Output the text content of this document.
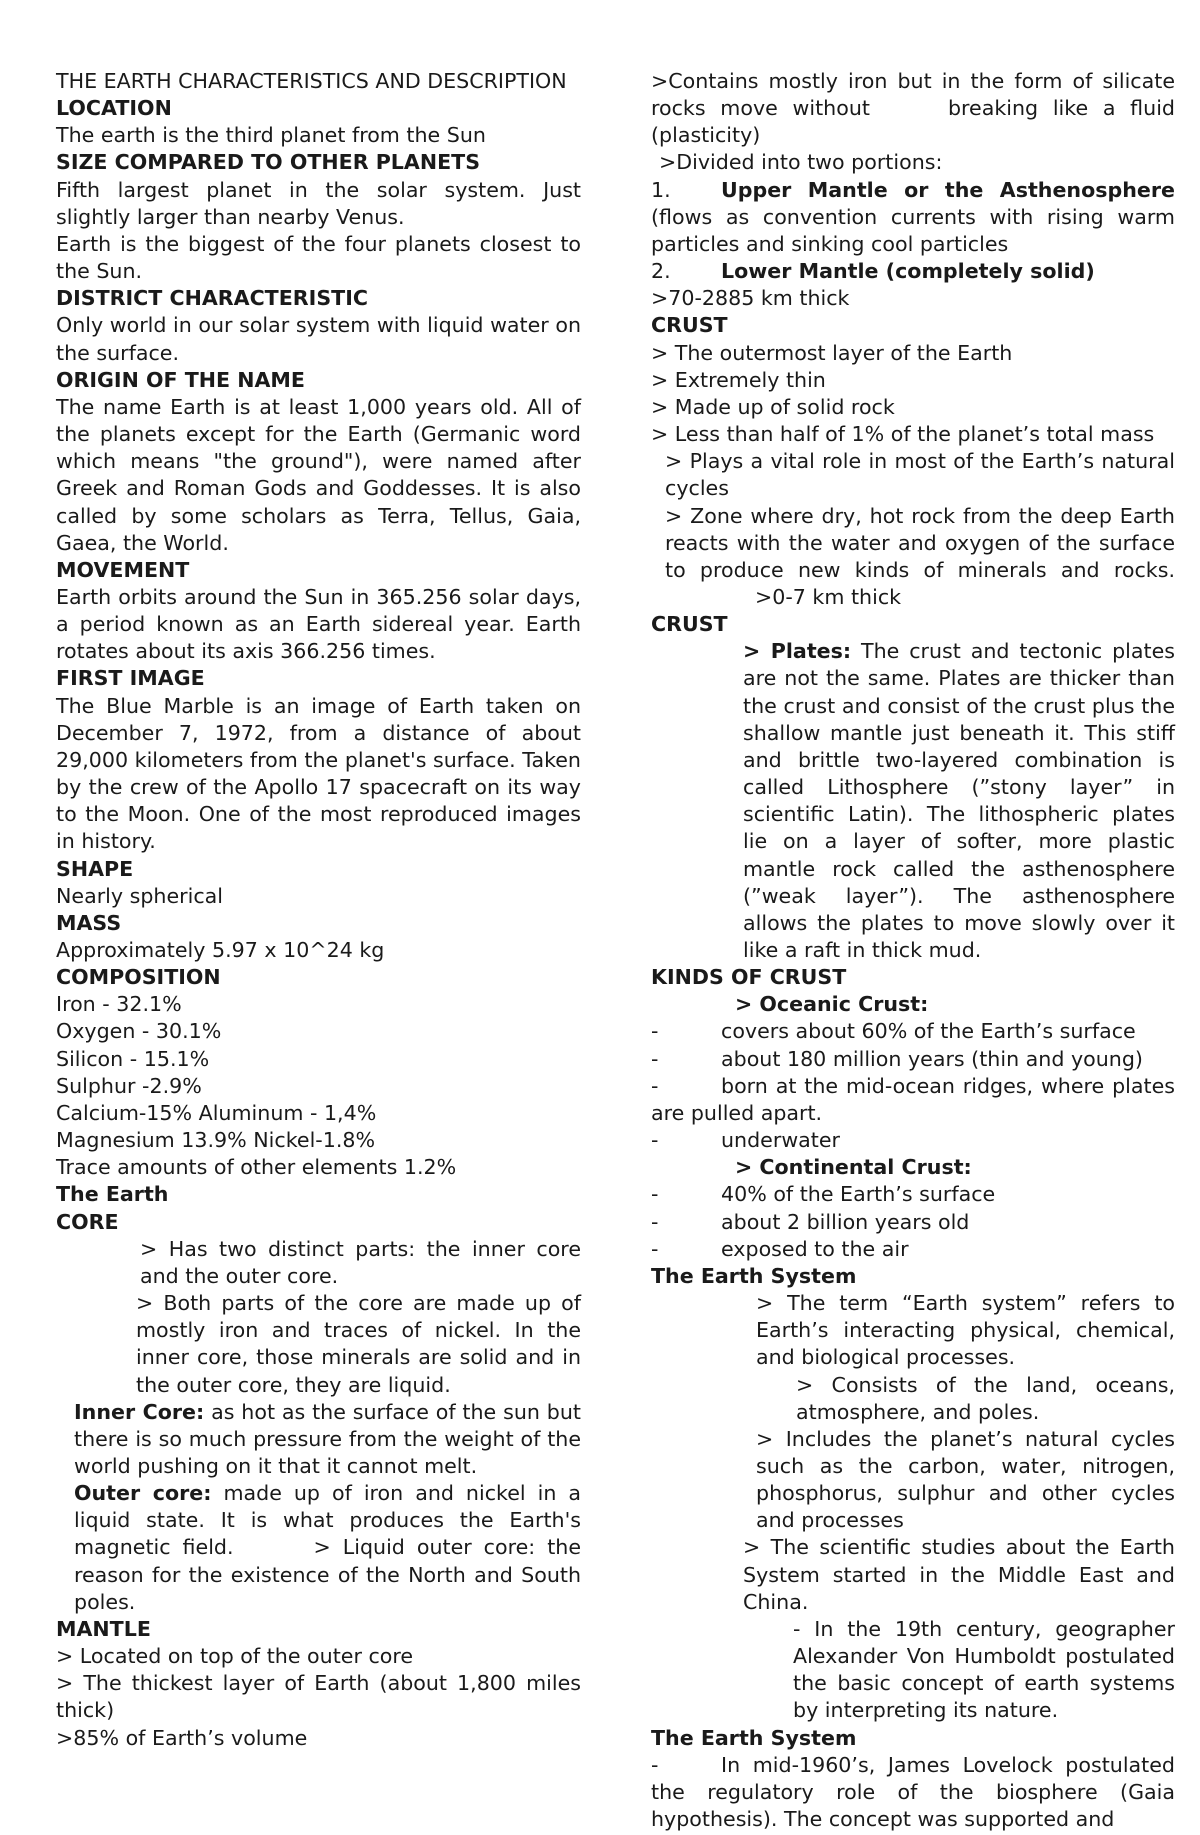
THE EARTH CHARACTERISTICS AND DESCRIPTION

LOCATION

The earth is the third planet from the Sun

SIZE COMPARED TO OTHER PLANETS

Fifth largest planet in the solar system. Just slightly larger than nearby Venus.

Earth is the biggest of the four planets closest to the Sun.

DISTRICT CHARACTERISTIC

Only world in our solar system with liquid water on the surface.

ORIGIN OF THE NAME

The name Earth is at least 1,000 years old. All of the planets except for the Earth (Germanic word which means "the ground"), were named after Greek and Roman Gods and Goddesses. It is also called by some scholars as Terra, Tellus, Gaia, Gaea, the World.

MOVEMENT

Earth orbits around the Sun in 365.256 solar days, a period known as an Earth sidereal year. Earth rotates about its axis 366.256 times.

FIRST IMAGE

The Blue Marble is an image of Earth taken on December 7, 1972, from a distance of about 29,000 kilometers from the planet's surface. Taken by the crew of the Apollo 17 spacecraft on its way to the Moon. One of the most reproduced images in history.

SHAPE

Nearly spherical

MASS

Approximately 5.97 x 10^24 kg

COMPOSITION

Iron - 32.1%

Oxygen - 30.1%

Silicon - 15.1%

Sulphur -2.9%

Calcium-15% Aluminum - 1,4%

Magnesium 13.9% Nickel-1.8%

Trace amounts of other elements 1.2%

The Earth

CORE

> Has two distinct parts: the inner core and the outer core.

> Both parts of the core are made up of mostly iron and traces of nickel. In the inner core, those minerals are solid and in the outer core, they are liquid.

Inner Core: as hot as the surface of the sun but there is so much pressure from the weight of the world pushing on it that it cannot melt.

Outer core: made up of iron and nickel in a liquid state. It is what produces the Earth's magnetic field.	> Liquid outer core: the reason for the existence of the North and South poles.

MANTLE

> Located on top of the outer core

> The thickest layer of Earth (about 1,800 miles thick)

>85% of Earth’s volume

>Contains mostly iron but in the form of silicate rocks move without	breaking like a fluid (plasticity)

>Divided into two portions:

1. Upper Mantle or the Asthenosphere (flows as convention currents with rising warm particles and sinking cool particles

2. Lower Mantle (completely solid)

>70-2885 km thick

CRUST

> The outermost layer of the Earth

> Extremely thin

> Made up of solid rock

> Less than half of 1% of the planet’s total mass

> Plays a vital role in most of the Earth’s natural cycles

> Zone where dry, hot rock from the deep Earth reacts with the water and oxygen of the surface to produce new kinds of minerals and rocks.>0-7 km thick

CRUST

> Plates: The crust and tectonic plates are not the same. Plates are thicker than the crust and consist of the crust plus the shallow mantle just beneath it. This stiff and brittle two-layered combination is called Lithosphere (”stony layer” in scientific Latin). The lithospheric plates lie on a layer of softer, more plastic mantle rock called the asthenosphere (”weak layer”). The asthenosphere allows the plates to move slowly over it like a raft in thick mud.

KINDS OF CRUST

> Oceanic Crust:

-	covers about 60% of the Earth’s surface

-	about 180 million years (thin and young)

-	born at the mid-ocean ridges, where plates are pulled apart.

-	underwater

> Continental Crust:

-	40% of the Earth’s surface

-	about 2 billion years old

-	exposed to the air

The Earth System

> The term “Earth system” refers to Earth’s interacting physical, chemical, and biological processes.

> Consists of the land, oceans, atmosphere, and poles.

> Includes the planet’s natural cycles such as the carbon, water, nitrogen, phosphorus, sulphur and other cycles and processes

> The scientific studies about the Earth System started in the Middle East and China.

- In the 19th century, geographer Alexander Von Humboldt postulated the basic concept of earth systems by interpreting its nature.

The Earth System

-	In mid-1960’s, James Lovelock postulated the regulatory role of the biosphere (Gaia hypothesis). The concept was supported and
